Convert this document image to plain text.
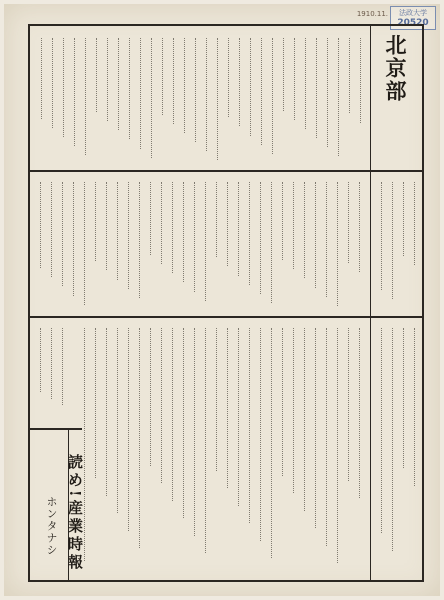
1910.11. 法政大学
20520
北京部
読め!産業時報
ホンタナシ
